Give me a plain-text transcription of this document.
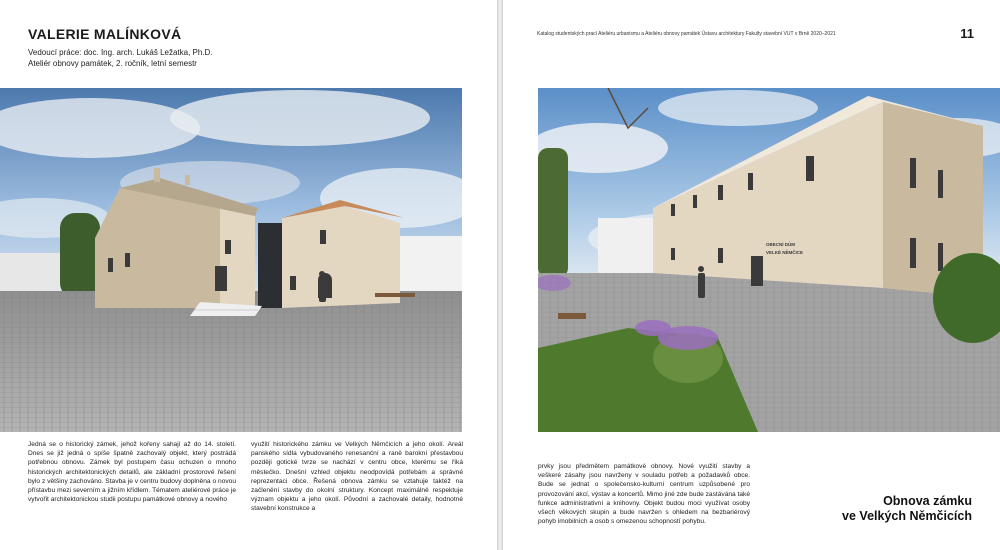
VALERIE MALÍNKOVÁ
Vedoucí práce: doc. Ing. arch. Lukáš Ležatka, Ph.D.
Ateliér obnovy památek, 2. ročník, letní semestr
Jedná se o historický zámek, jehož kořeny sahají až do 14. století. Dnes se již jedná o spíše špatně zachovalý objekt, který postrádá potřebnou obnovu. Zámek byl postupem času ochuzen o mnoho historických architektonických detailů, ale základní prostorové řešení bylo z většiny zachováno. Stavba je v centru budovy doplněna o novou přístavbu mezi severním a jižním křídlem. Tématem ateliérové práce je vytvořit architektonickou studii postupu památkové obnovy a nového
využití historického zámku ve Velkých Němčicích a jeho okolí. Areál panského sídla vybudovaného renesanční a raně barokní přestavbou později gotické tvrze se nachází v centru obce, kterému se říká městečko. Dnešní vzhled objektu neodpovídá potřebám a správné reprezentaci obce. Řešená obnova zámku se vztahuje taktéž na začlenění stavby do okolní struktury. Koncept maximálně respektuje význam objektu a jeho okolí. Původní a zachovalé detaily, hodnotné stavební konstrukce a
Katalog studentských prací Ateliéru urbanismu a Ateliéru obnovy památek Ústavu architektury Fakulty stavební VUT v Brně 2020–2021	11
OBECNÍ DŮM
VELKÉ NĚMČICE
prvky jsou předmětem památkové obnovy. Nové využití stavby a veškeré zásahy jsou navrženy v souladu potřeb a požadavků obce. Bude se jednat o společensko-kulturní centrum uzpůsobené pro provozování akcí, výstav a koncertů. Mimo jiné zde bude zastávána také funkce administrativní a knihovny. Objekt budou moci využívat osoby všech věkových skupin a bude navržen s ohledem na bezbariérový pohyb imobilních a osob s omezenou schopností pohybu.
Obnova zámku
ve Velkých Němčicích
